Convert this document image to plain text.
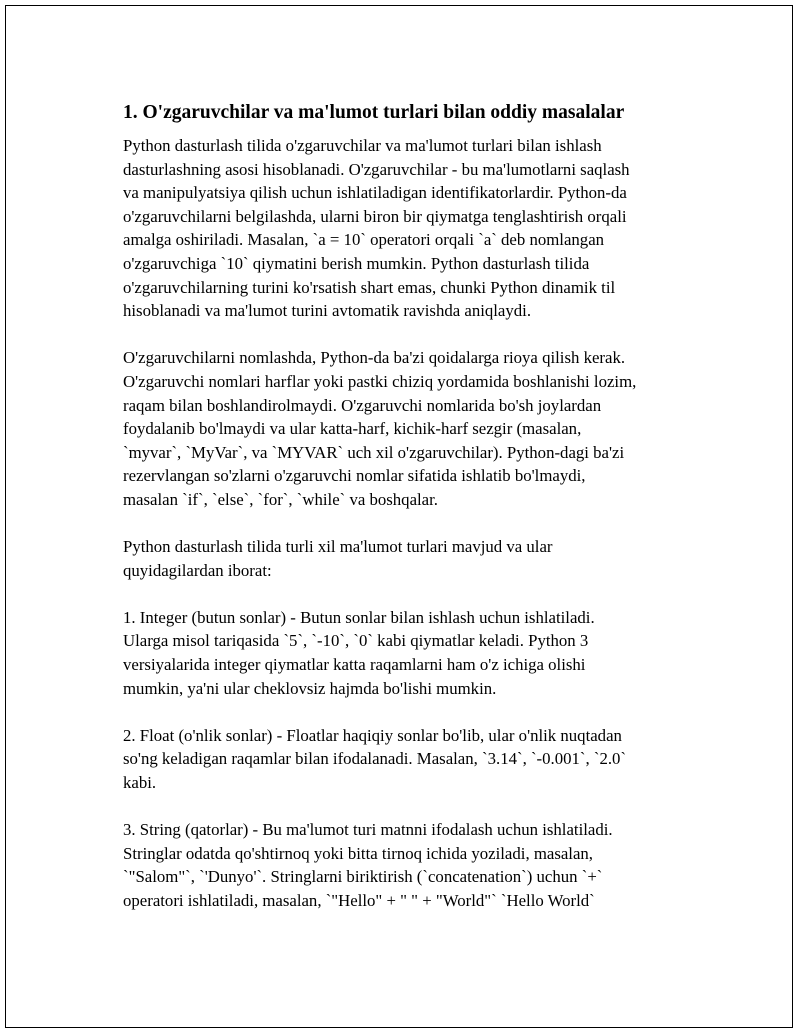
1. O'zgaruvchilar va ma'lumot turlari bilan oddiy masalalar

Python dasturlash tilida o'zgaruvchilar va ma'lumot turlari bilan ishlash
dasturlashning asosi hisoblanadi. O'zgaruvchilar - bu ma'lumotlarni saqlash
va manipulyatsiya qilish uchun ishlatiladigan identifikatorlardir. Python-da
o'zgaruvchilarni belgilashda, ularni biron bir qiymatga tenglashtirish orqali
amalga oshiriladi. Masalan, `a = 10` operatori orqali `a` deb nomlangan
o'zgaruvchiga `10` qiymatini berish mumkin. Python dasturlash tilida
o'zgaruvchilarning turini ko'rsatish shart emas, chunki Python dinamik til
hisoblanadi va ma'lumot turini avtomatik ravishda aniqlaydi.

O'zgaruvchilarni nomlashda, Python-da ba'zi qoidalarga rioya qilish kerak.
O'zgaruvchi nomlari harflar yoki pastki chiziq yordamida boshlanishi lozim,
raqam bilan boshlandirolmaydi. O'zgaruvchi nomlarida bo'sh joylardan
foydalanib bo'lmaydi va ular katta-harf, kichik-harf sezgir (masalan,
`myvar`, `MyVar`, va `MYVAR` uch xil o'zgaruvchilar). Python-dagi ba'zi
rezervlangan so'zlarni o'zgaruvchi nomlar sifatida ishlatib bo'lmaydi,
masalan `if`, `else`, `for`, `while` va boshqalar.

Python dasturlash tilida turli xil ma'lumot turlari mavjud va ular
quyidagilardan iborat:

1. Integer (butun sonlar) - Butun sonlar bilan ishlash uchun ishlatiladi.
Ularga misol tariqasida `5`, `-10`, `0` kabi qiymatlar keladi. Python 3
versiyalarida integer qiymatlar katta raqamlarni ham o'z ichiga olishi
mumkin, ya'ni ular cheklovsiz hajmda bo'lishi mumkin.

2. Float (o'nlik sonlar) - Floatlar haqiqiy sonlar bo'lib, ular o'nlik nuqtadan
so'ng keladigan raqamlar bilan ifodalanadi. Masalan, `3.14`, `-0.001`, `2.0`
kabi.

3. String (qatorlar) - Bu ma'lumot turi matnni ifodalash uchun ishlatiladi.
Stringlar odatda qo'shtirnoq yoki bitta tirnoq ichida yoziladi, masalan,
`"Salom"`, `'Dunyo'`. Stringlarni biriktirish (`concatenation`) uchun `+`
operatori ishlatiladi, masalan, `"Hello" + " " + "World"` `Hello World`
